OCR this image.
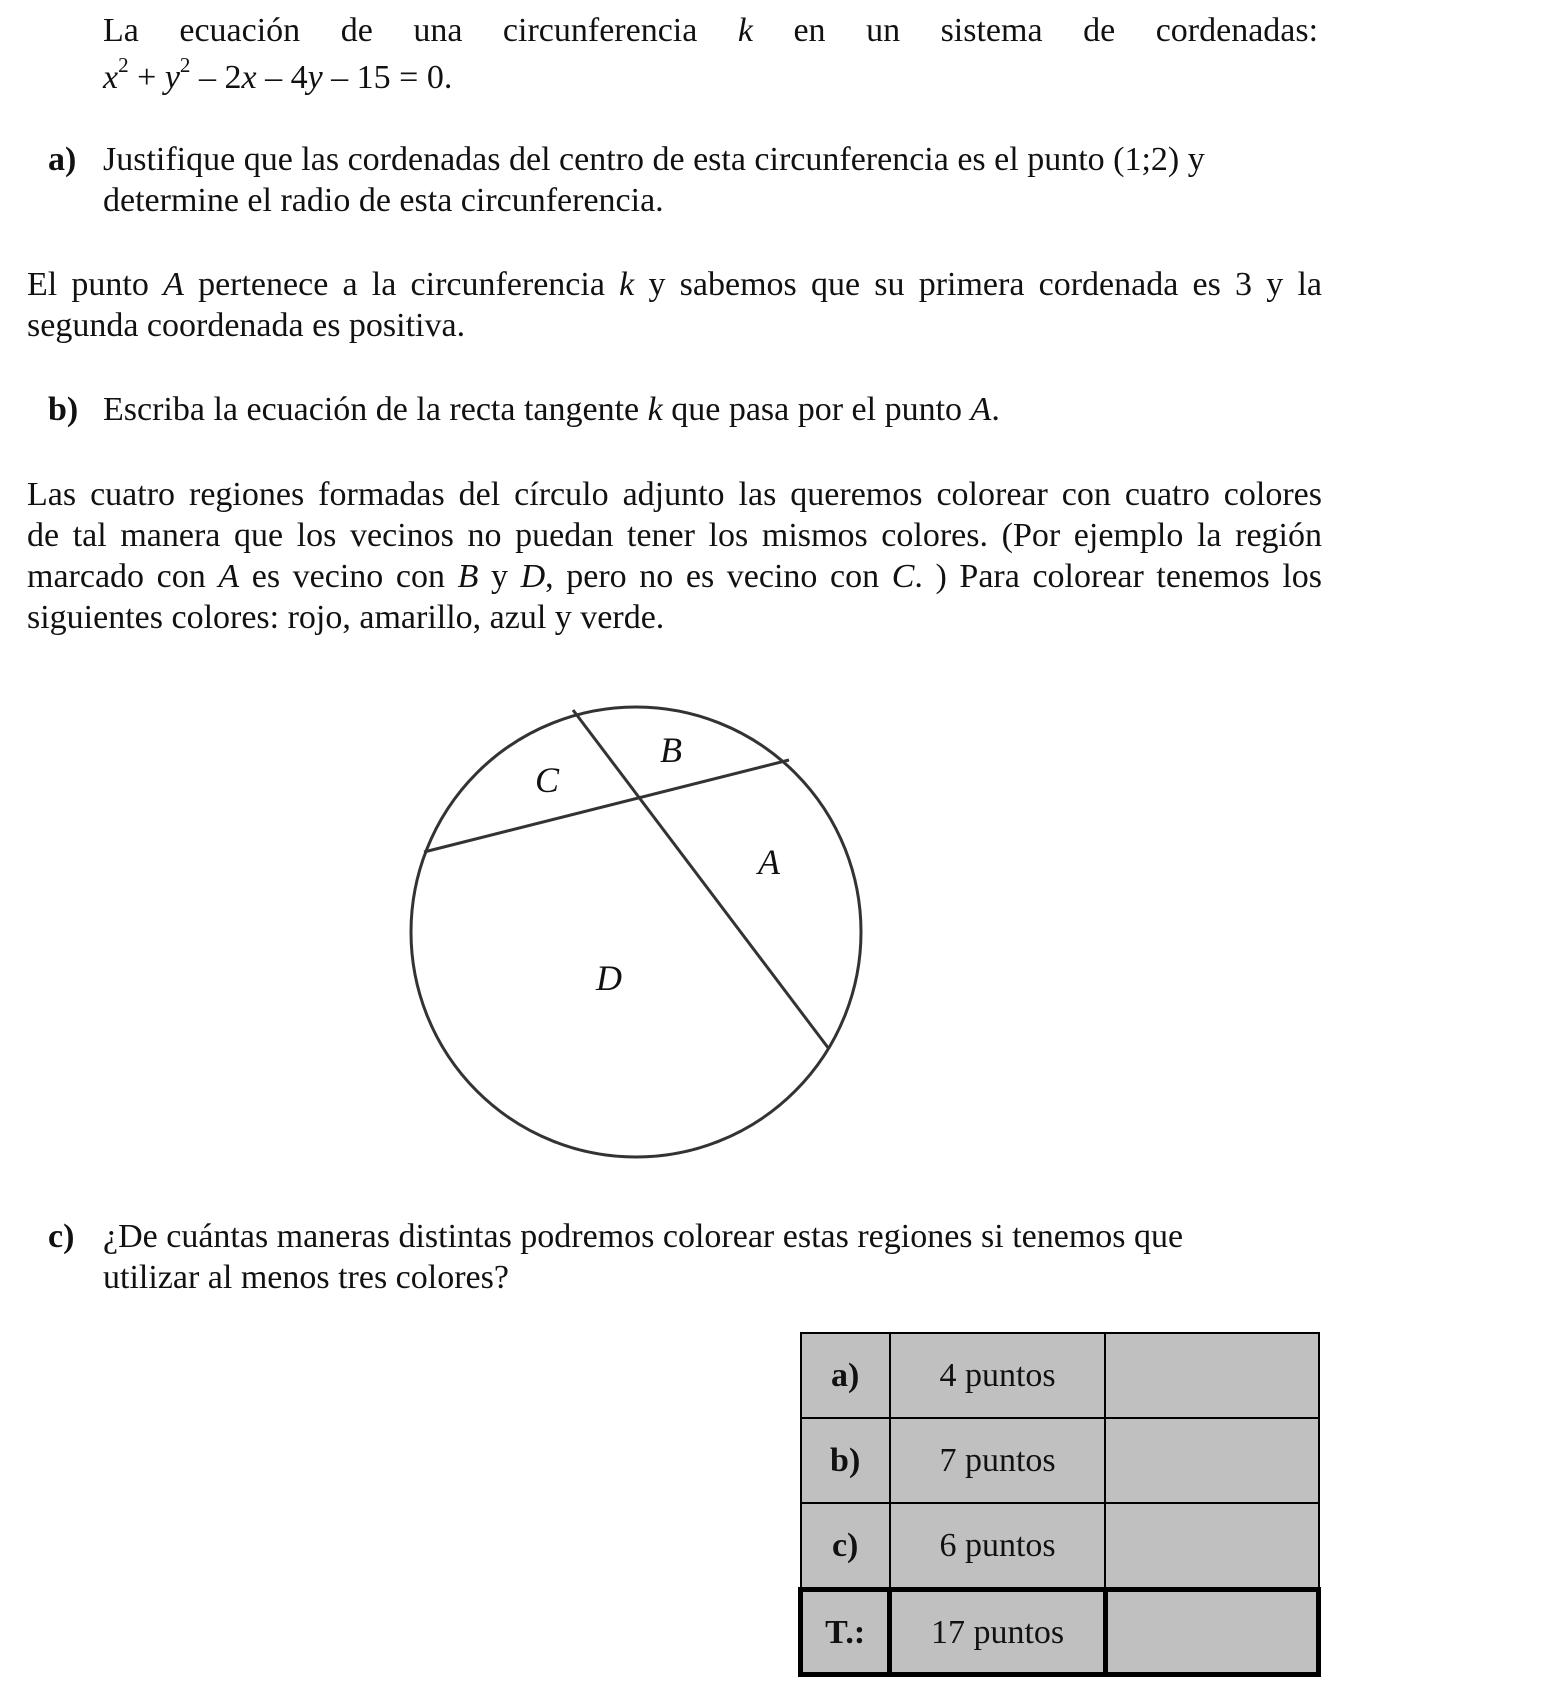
La ecuación de una circunferencia k en un sistema de cordenadas:
$x^2 + y^2 - 2x - 4y - 15 = 0$.
a) Justifique que las cordenadas del centro de esta circunferencia es el punto (1;2) y
determine el radio de esta circunferencia.
El punto A pertenece a la circunferencia k y sabemos que su primera cordenada es 3 y la
segunda coordenada es positiva.
b) Escriba la ecuación de la recta tangente k que pasa por el punto A.
Las cuatro regiones formadas del círculo adjunto las queremos colorear con cuatro colores
de tal manera que los vecinos no puedan tener los mismos colores. (Por ejemplo la región
marcado con A es vecino con B y D, pero no es vecino con C. ) Para colorear tenemos los
siguientes colores: rojo, amarillo, azul y verde.
B
C
A
D
c) ¿De cuántas maneras distintas podremos colorear estas regiones si tenemos que
utilizar al menos tres colores?
a)	4 puntos	
b)	7 puntos	
c)	6 puntos	
T.:	17 puntos	
